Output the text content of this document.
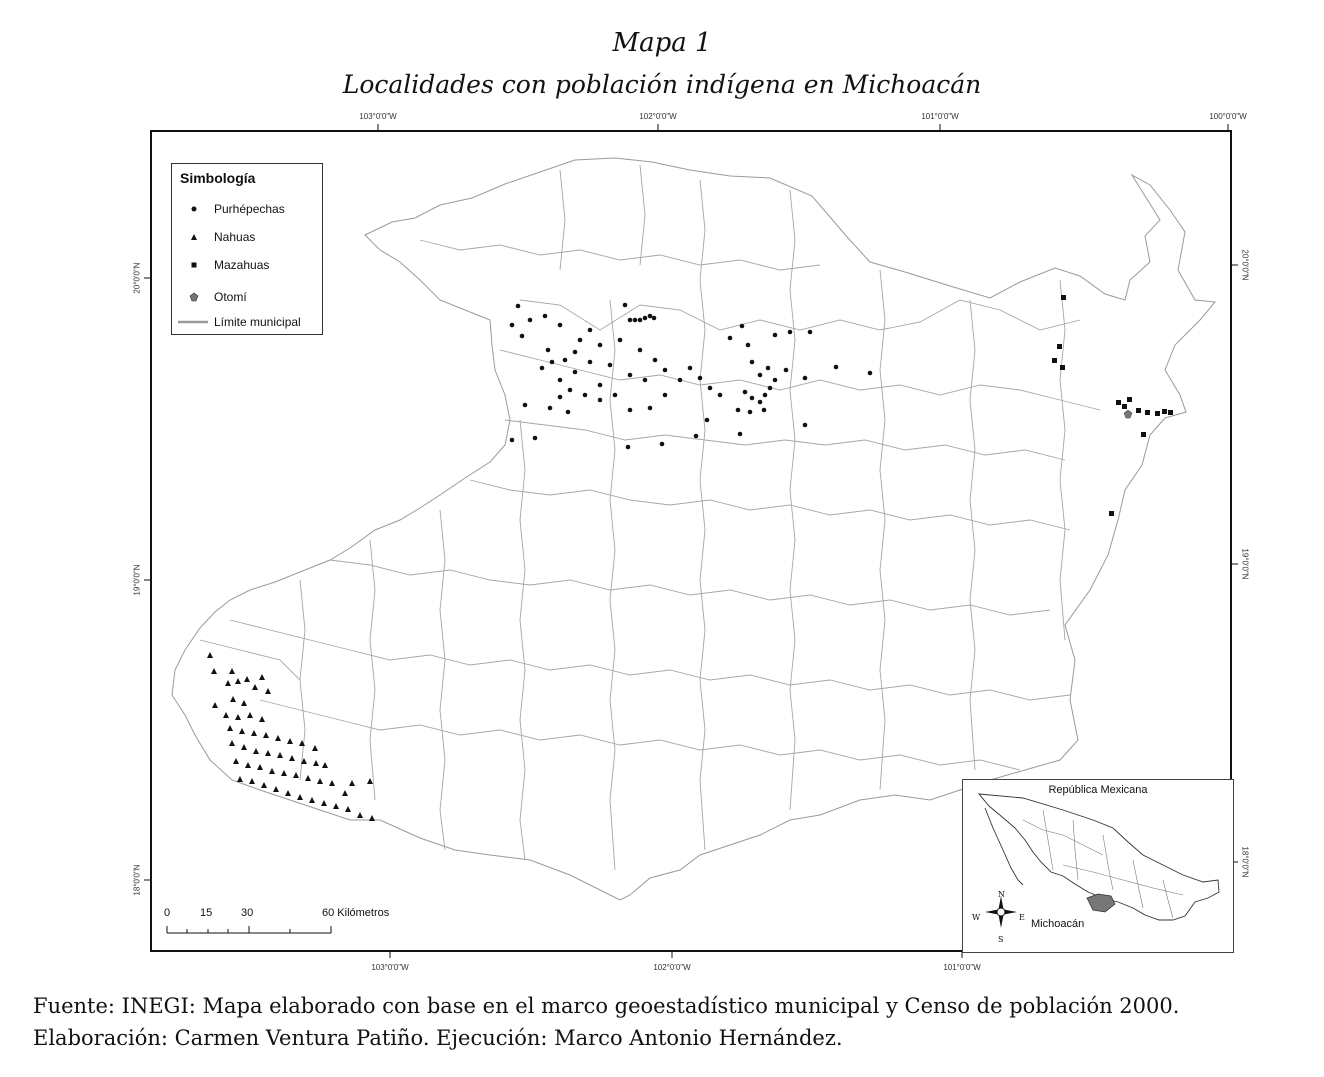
Mapa 1
Localidades con población indígena en Michoacán
103°0'0"W	102°0'0"W	101°0'0"W	100°0'0"W
103°0'0"W	102°0'0"W	101°0'0"W
20°0'0"N
19°0'0"N
18°0'0"N
20°0'0"N
19°0'0"N
18°0'0"N
Simbología
Purhépechas
Nahuas
Mazahuas
Otomí
Límite municipal
0	15	30	60 Kilómetros
República Mexicana
N
S
E
W
Michoacán
Fuente: INEGI: Mapa elaborado con base en el marco geoestadístico municipal y Censo de población 2000.
Elaboración: Carmen Ventura Patiño. Ejecución: Marco Antonio Hernández.
